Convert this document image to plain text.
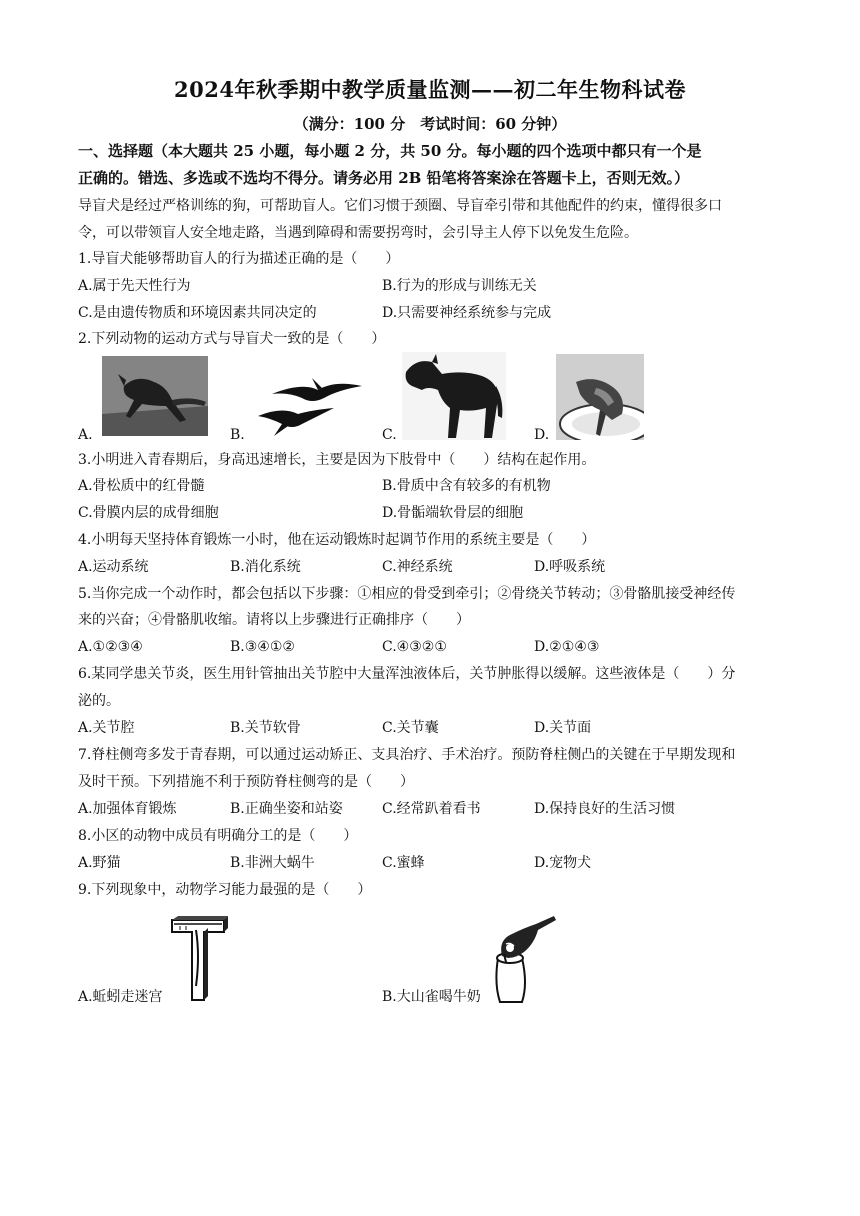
2024年秋季期中教学质量监测——初二年生物科试卷
（满分：100 分　考试时间：60 分钟）
一、选择题（本大题共 25 小题，每小题 2 分，共 50 分。每小题的四个选项中都只有一个是
正确的。错选、多选或不选均不得分。请务必用 2B 铅笔将答案涂在答题卡上，否则无效。）
导盲犬是经过严格训练的狗，可帮助盲人。它们习惯于颈圈、导盲牵引带和其他配件的约束，懂得很多口
令，可以带领盲人安全地走路，当遇到障碍和需要拐弯时，会引导主人停下以免发生危险。
1.导盲犬能够帮助盲人的行为描述正确的是（　　）
A.属于先天性行为	B.行为的形成与训练无关
C.是由遗传物质和环境因素共同决定的	D.只需要神经系统参与完成
2.下列动物的运动方式与导盲犬一致的是（　　）
A.	B.	C.	D.
3.小明进入青春期后，身高迅速增长，主要是因为下肢骨中（　　）结构在起作用。
A.骨松质中的红骨髓	B.骨质中含有较多的有机物
C.骨膜内层的成骨细胞	D.骨骺端软骨层的细胞
4.小明每天坚持体育锻炼一小时，他在运动锻炼时起调节作用的系统主要是（　　）
A.运动系统	B.消化系统	C.神经系统	D.呼吸系统
5.当你完成一个动作时，都会包括以下步骤：①相应的骨受到牵引；②骨绕关节转动；③骨骼肌接受神经传
来的兴奋；④骨骼肌收缩。请将以上步骤进行正确排序（　　）
A.①②③④	B.③④①②	C.④③②①	D.②①④③
6.某同学患关节炎，医生用针管抽出关节腔中大量浑浊液体后，关节肿胀得以缓解。这些液体是（　　）分
泌的。
A.关节腔	B.关节软骨	C.关节囊	D.关节面
7.脊柱侧弯多发于青春期，可以通过运动矫正、支具治疗、手术治疗。预防脊柱侧凸的关键在于早期发现和
及时干预。下列措施不利于预防脊柱侧弯的是（　　）
A.加强体育锻炼	B.正确坐姿和站姿	C.经常趴着看书	D.保持良好的生活习惯
8.小区的动物中成员有明确分工的是（　　）
A.野猫	B.非洲大蜗牛	C.蜜蜂	D.宠物犬
9.下列现象中，动物学习能力最强的是（　　）
A.蚯蚓走迷宫	B.大山雀喝牛奶
